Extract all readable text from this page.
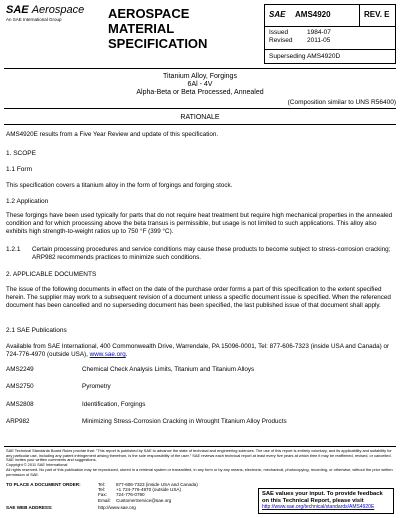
SAE Aerospace
An SAE International Group	AEROSPACE
MATERIAL
SPECIFICATION
SAE AMS4920	REV. E
Issued	1984-07
Revised 2011-05
Superseding AMS4920D
Titanium Alloy, Forgings
6Al - 4V
Alpha-Beta or Beta Processed, Annealed
(Composition similar to UNS R56400)
RATIONALE
AMS4920E results from a Five Year Review and update of this specification.
1. SCOPE
1.1 Form
This specification covers a titanium alloy in the form of forgings and forging stock.
1.2 Application
These forgings have been used typically for parts that do not require heat treatment but require high mechanical properties in the annealed condition and for which processing above the beta transus is permissible, but usage is not limited to such applications. This alloy also exhibits high strength-to-weight ratios up to 750 °F (399 °C).
1.2.1 Certain processing procedures and service conditions may cause these products to become subject to stress-corrosion cracking; ARP982 recommends practices to minimize such conditions.
2. APPLICABLE DOCUMENTS
The issue of the following documents in effect on the date of the purchase order forms a part of this specification to the extent specified herein. The supplier may work to a subsequent revision of a document unless a specific document issue is specified. When the referenced document has been cancelled and no superseding document has been specified, the last published issue of that document shall apply.
2.1 SAE Publications
Available from SAE International, 400 Commonwealth Drive, Warrendale, PA 15096-0001, Tel: 877-606-7323 (inside USA and Canada) or 724-776-4970 (outside USA), www.sae.org.
AMS2249	Chemical Check Analysis Limits, Titanium and Titanium Alloys
AMS2750	Pyrometry
AMS2808	Identification, Forgings
ARP982	Minimizing Stress-Corrosion Cracking in Wrought Titanium Alloy Products
SAE Technical Standards Board Rules provide that: "This report is published by SAE to advance the state of technical and engineering sciences. The use of this report is entirely voluntary, and its applicability and suitability for any particular use, including any patent infringement arising therefrom, is the sole responsibility of the user." SAE reviews each technical report at least every five years at which time it may be reaffirmed, revised, or cancelled. SAE invites your written comments and suggestions.
Copyright © 2011 SAE International
All rights reserved. No part of this publication may be reproduced, stored in a retrieval system or transmitted, in any form or by any means, electronic, mechanical, photocopying, recording, or otherwise, without the prior written permission of SAE.
TO PLACE A DOCUMENT ORDER:	Tel: 877-606-7323 (inside USA and Canada)
Tel: +1 724-776-4970 (outside USA)
Fax: 724-776-0790
Email: CustomerService@sae.org
SAE WEB ADDRESS:	http://www.sae.org
SAE values your input. To provide feedback
on this Technical Report, please visit
http://www.sae.org/technical/standards/AMS4920E
